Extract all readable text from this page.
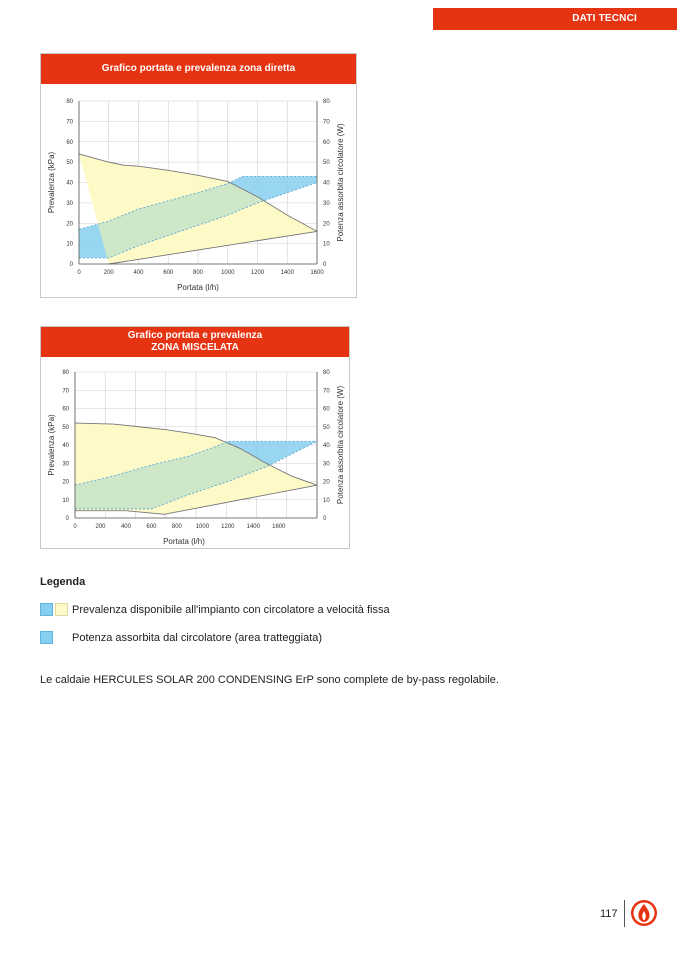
DATI TECNCI
Grafico portata e prevalenza zona diretta
0	0
10	10
20	20
30	30
40	40
50	50
60	60
70	70
80	80
0	200	400	600	800	1000	1200	1400	1600
Portata (l/h)
Prevalenza (kPa)	Potenza assorbita circolatore (W)
Grafico portata e prevalenza
ZONA MISCELATA
0	0
10	10
20	20
30	30
40	40
50	50
60	60
70	70
80	80
0	200	400	600	800 1000 1200 1400 1600
Portata (l/h)
Prevalenza (kPa)	Potenza assorbita circolatore (W)
Legenda
Prevalenza disponibile all'impianto con circolatore a velocità fissa
Potenza assorbita dal circolatore (area tratteggiata)
Le caldaie HERCULES SOLAR 200 CONDENSING ErP sono complete de by-pass regolabile.
117
